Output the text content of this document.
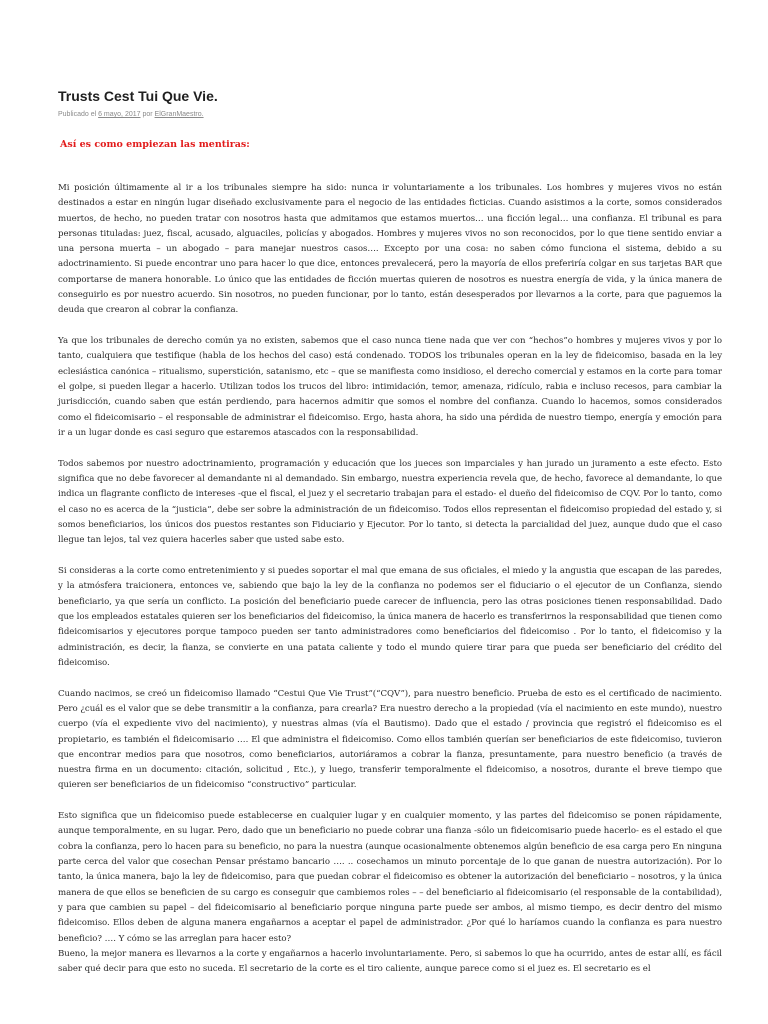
Trusts Cest Tui Que Vie.
Publicado el 6 mayo, 2017 por ElGranMaestro.
Así es como empiezan las mentiras:

Mi posición últimamente al ir a los tribunales siempre ha sido: nunca ir voluntariamente a los tribunales. Los hombres y mujeres vivos no están destinados a estar en ningún lugar diseñado exclusivamente para el negocio de las entidades ficticias. Cuando asistimos a la corte, somos considerados muertos, de hecho, no pueden tratar con nosotros hasta que admitamos que estamos muertos… una ficción legal… una confianza. El tribunal es para personas tituladas: juez, fiscal, acusado, alguaciles, policías y abogados. Hombres y mujeres vivos no son reconocidos, por lo que tiene sentido enviar a una persona muerta – un abogado – para manejar nuestros casos…. Excepto por una cosa: no saben cómo funciona el sistema, debido a su adoctrinamiento. Si puede encontrar uno para hacer lo que dice, entonces prevalecerá, pero la mayoría de ellos preferiría colgar en sus tarjetas BAR que comportarse de manera honorable. Lo único que las entidades de ficción muertas quieren de nosotros es nuestra energía de vida, y la única manera de conseguirlo es por nuestro acuerdo. Sin nosotros, no pueden funcionar, por lo tanto, están desesperados por llevarnos a la corte, para que paguemos la deuda que crearon al cobrar la confianza.

Ya que los tribunales de derecho común ya no existen, sabemos que el caso nunca tiene nada que ver con “hechos”o hombres y mujeres vivos y por lo tanto, cualquiera que testifique (habla de los hechos del caso) está condenado. TODOS los tribunales operan en la ley de fideicomiso, basada en la ley eclesiástica canónica – ritualismo, superstición, satanismo, etc – que se manifiesta como insidioso, el derecho comercial y estamos en la corte para tomar el golpe, si pueden llegar a hacerlo. Utilizan todos los trucos del libro: intimidación, temor, amenaza, ridículo, rabia e incluso recesos, para cambiar la jurisdicción, cuando saben que están perdiendo, para hacernos admitir que somos el nombre del confianza. Cuando lo hacemos, somos considerados como el fideicomisario – el responsable de administrar el fideicomiso. Ergo, hasta ahora, ha sido una pérdida de nuestro tiempo, energía y emoción para ir a un lugar donde es casi seguro que estaremos atascados con la responsabilidad.

Todos sabemos por nuestro adoctrinamiento, programación y educación que los jueces son imparciales y han jurado un juramento a este efecto. Esto significa que no debe favorecer al demandante ni al demandado. Sin embargo, nuestra experiencia revela que, de hecho, favorece al demandante, lo que indica un flagrante conflicto de intereses -que el fiscal, el juez y el secretario trabajan para el estado- el dueño del fideicomiso de CQV. Por lo tanto, como el caso no es acerca de la “justicia”, debe ser sobre la administración de un fideicomiso. Todos ellos representan el fideicomiso propiedad del estado y, si somos beneficiarios, los únicos dos puestos restantes son Fiduciario y Ejecutor. Por lo tanto, si detecta la parcialidad del juez, aunque dudo que el caso llegue tan lejos, tal vez quiera hacerles saber que usted sabe esto.

Si consideras a la corte como entretenimiento y si puedes soportar el mal que emana de sus oficiales, el miedo y la angustia que escapan de las paredes, y la atmósfera traicionera, entonces ve, sabiendo que bajo la ley de la confianza no podemos ser el fiduciario o el ejecutor de un Confianza, siendo beneficiario, ya que sería un conflicto. La posición del beneficiario puede carecer de influencia, pero las otras posiciones tienen responsabilidad. Dado que los empleados estatales quieren ser los beneficiarios del fideicomiso, la única manera de hacerlo es transferirnos la responsabilidad que tienen como fideicomisarios y ejecutores porque tampoco pueden ser tanto administradores como beneficiarios del fideicomiso . Por lo tanto, el fideicomiso y la administración, es decir, la fianza, se convierte en una patata caliente y todo el mundo quiere tirar para que pueda ser beneficiario del crédito del fideicomiso.

Cuando nacimos, se creó un fideicomiso llamado “Cestui Que Vie Trust”(“CQV”), para nuestro beneficio. Prueba de esto es el certificado de nacimiento. Pero ¿cuál es el valor que se debe transmitir a la confianza, para crearla? Era nuestro derecho a la propiedad (vía el nacimiento en este mundo), nuestro cuerpo (vía el expediente vivo del nacimiento), y nuestras almas (vía el Bautismo). Dado que el estado / provincia que registró el fideicomiso es el propietario, es también el fideicomisario …. El que administra el fideicomiso. Como ellos también querían ser beneficiarios de este fideicomiso, tuvieron que encontrar medios para que nosotros, como beneficiarios, autoriáramos a cobrar la fianza, presuntamente, para nuestro beneficio (a través de nuestra firma en un documento: citación, solicitud , Etc.), y luego, transferir temporalmente el fideicomiso, a nosotros, durante el breve tiempo que quieren ser beneficiarios de un fideicomiso “constructivo” particular.

Esto significa que un fideicomiso puede establecerse en cualquier lugar y en cualquier momento, y las partes del fideicomiso se ponen rápidamente, aunque temporalmente, en su lugar. Pero, dado que un beneficiario no puede cobrar una fianza -sólo un fideicomisario puede hacerlo- es el estado el que cobra la confianza, pero lo hacen para su beneficio, no para la nuestra (aunque ocasionalmente obtenemos algún beneficio de esa carga pero En ninguna parte cerca del valor que cosechan Pensar préstamo bancario …. .. cosechamos un minuto porcentaje de lo que ganan de nuestra autorización). Por lo tanto, la única manera, bajo la ley de fideicomiso, para que puedan cobrar el fideicomiso es obtener la autorización del beneficiario – nosotros, y la única manera de que ellos se beneficien de su cargo es conseguir que cambiemos roles – – del beneficiario al fideicomisario (el responsable de la contabilidad), y para que cambien su papel – del fideicomisario al beneficiario porque ninguna parte puede ser ambos, al mismo tiempo, es decir dentro del mismo fideicomiso. Ellos deben de alguna manera engañarnos a aceptar el papel de administrador. ¿Por qué lo haríamos cuando la confianza es para nuestro beneficio? …. Y cómo se las arreglan para hacer esto?

Bueno, la mejor manera es llevarnos a la corte y engañarnos a hacerlo involuntariamente. Pero, si sabemos lo que ha ocurrido, antes de estar allí, es fácil saber qué decir para que esto no suceda. El secretario de la corte es el tiro caliente, aunque parece como si el juez es. El secretario es el
